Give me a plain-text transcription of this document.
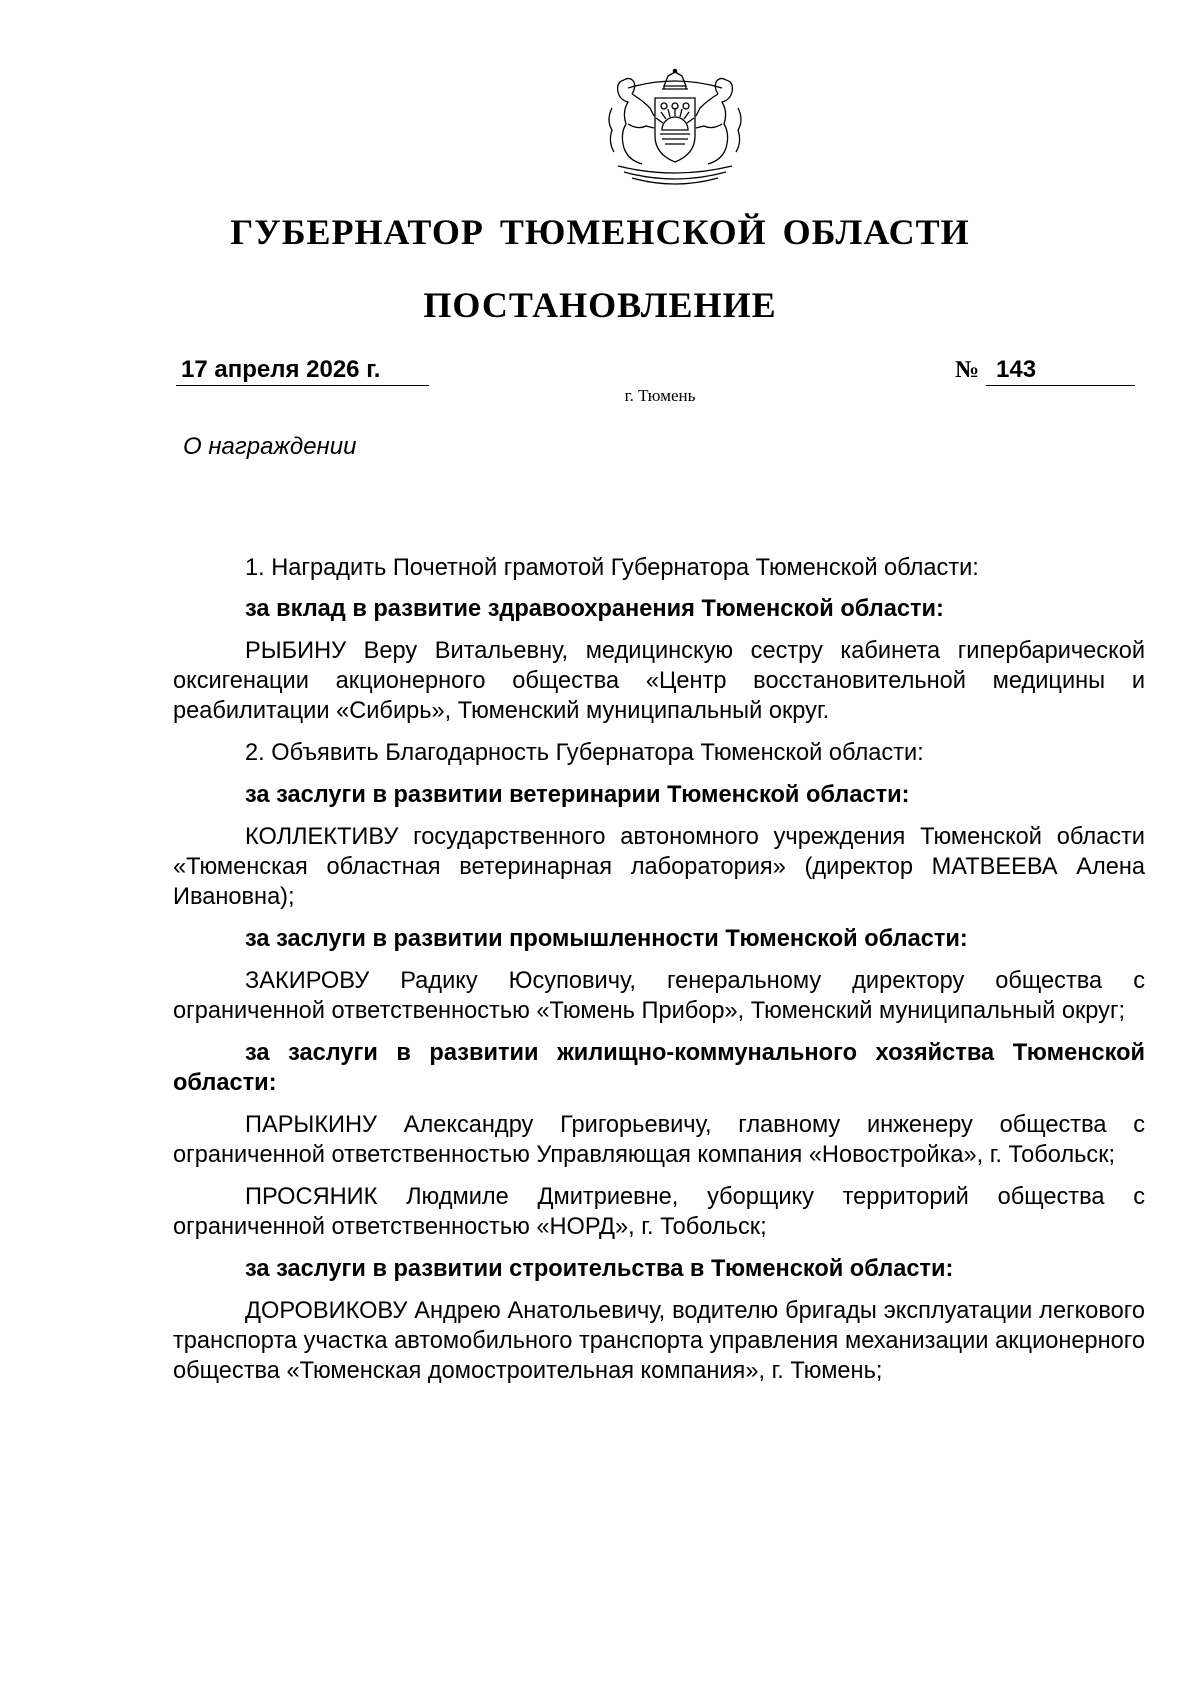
ГУБЕРНАТОР ТЮМЕНСКОЙ ОБЛАСТИ
ПОСТАНОВЛЕНИЕ
17 апреля 2026 г.	№ 143
г. Тюмень
О награждении

1. Наградить Почетной грамотой Губернатора Тюменской области:

за вклад в развитие здравоохранения Тюменской области:

РЫБИНУ Веру Витальевну, медицинскую сестру кабинета гипербарической оксигенации акционерного общества «Центр восстановительной медицины и реабилитации «Сибирь», Тюменский муниципальный округ.

2. Объявить Благодарность Губернатора Тюменской области:

за заслуги в развитии ветеринарии Тюменской области:

КОЛЛЕКТИВУ государственного автономного учреждения Тюменской области «Тюменская областная ветеринарная лаборатория» (директор МАТВЕЕВА Алена Ивановна);

за заслуги в развитии промышленности Тюменской области:

ЗАКИРОВУ Радику Юсуповичу, генеральному директору общества с ограниченной ответственностью «Тюмень Прибор», Тюменский муниципальный округ;

за заслуги в развитии жилищно-коммунального хозяйства Тюменской области:

ПАРЫКИНУ Александру Григорьевичу, главному инженеру общества с ограниченной ответственностью Управляющая компания «Новостройка», г. Тобольск;

ПРОСЯНИК Людмиле Дмитриевне, уборщику территорий общества с ограниченной ответственностью «НОРД», г. Тобольск;

за заслуги в развитии строительства в Тюменской области:

ДОРОВИКОВУ Андрею Анатольевичу, водителю бригады эксплуатации легкового транспорта участка автомобильного транспорта управления механизации акционерного общества «Тюменская домостроительная компания», г. Тюмень;
